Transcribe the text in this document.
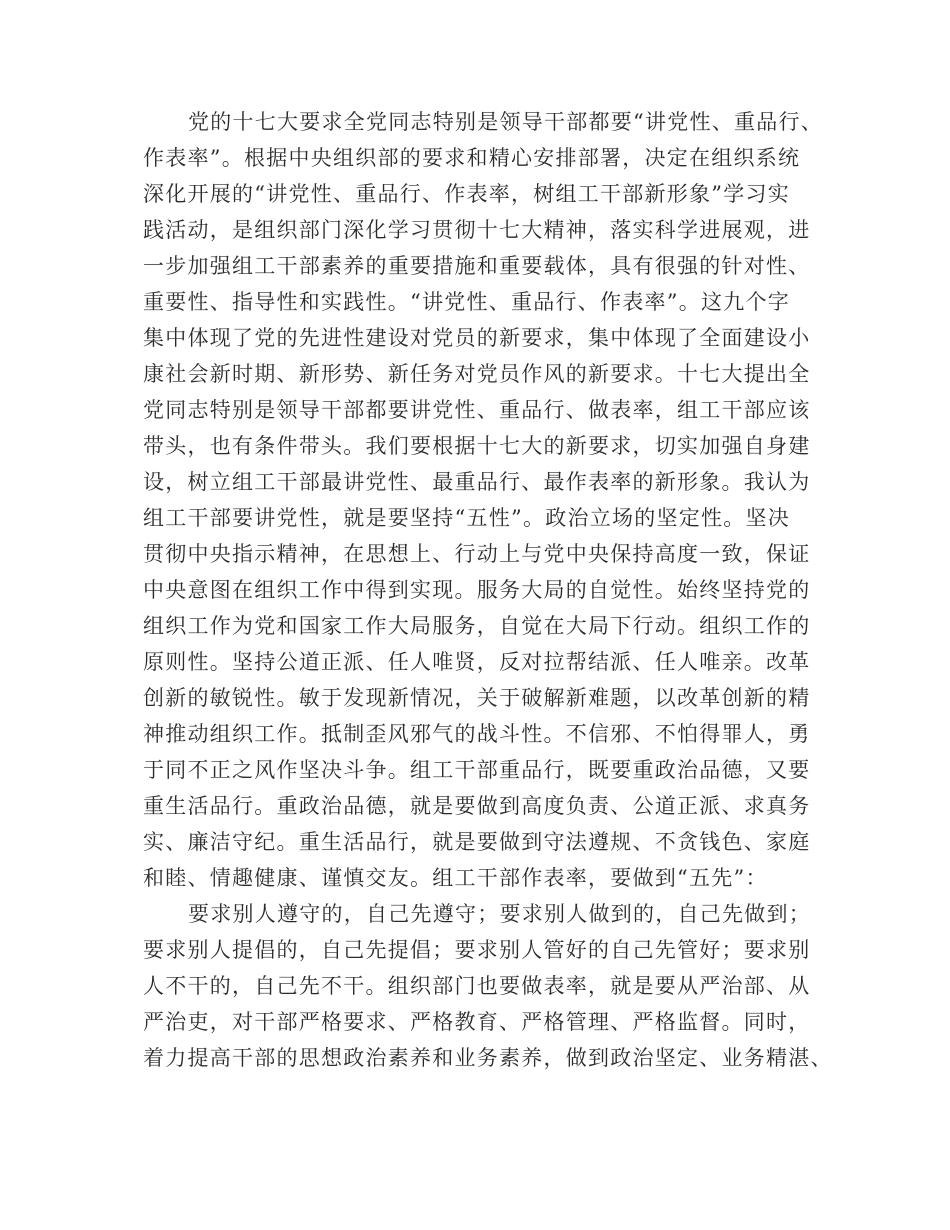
党的十七大要求全党同志特别是领导干部都要“讲党性、重品行、
作表率”。根据中央组织部的要求和精心安排部署，决定在组织系统
深化开展的“讲党性、重品行、作表率，树组工干部新形象”学习实
践活动，是组织部门深化学习贯彻十七大精神，落实科学进展观，进
一步加强组工干部素养的重要措施和重要载体，具有很强的针对性、
重要性、指导性和实践性。“讲党性、重品行、作表率”。这九个字
集中体现了党的先进性建设对党员的新要求，集中体现了全面建设小
康社会新时期、新形势、新任务对党员作风的新要求。十七大提出全
党同志特别是领导干部都要讲党性、重品行、做表率，组工干部应该
带头，也有条件带头。我们要根据十七大的新要求，切实加强自身建
设，树立组工干部最讲党性、最重品行、最作表率的新形象。我认为
组工干部要讲党性，就是要坚持“五性”。政治立场的坚定性。坚决
贯彻中央指示精神，在思想上、行动上与党中央保持高度一致，保证
中央意图在组织工作中得到实现。服务大局的自觉性。始终坚持党的
组织工作为党和国家工作大局服务，自觉在大局下行动。组织工作的
原则性。坚持公道正派、任人唯贤，反对拉帮结派、任人唯亲。改革
创新的敏锐性。敏于发现新情况，关于破解新难题，以改革创新的精
神推动组织工作。抵制歪风邪气的战斗性。不信邪、不怕得罪人，勇
于同不正之风作坚决斗争。组工干部重品行，既要重政治品德，又要
重生活品行。重政治品德，就是要做到高度负责、公道正派、求真务
实、廉洁守纪。重生活品行，就是要做到守法遵规、不贪钱色、家庭
和睦、情趣健康、谨慎交友。组工干部作表率，要做到“五先”：
要求别人遵守的，自己先遵守；要求别人做到的，自己先做到；
要求别人提倡的，自己先提倡；要求别人管好的自己先管好；要求别
人不干的，自己先不干。组织部门也要做表率，就是要从严治部、从
严治吏，对干部严格要求、严格教育、严格管理、严格监督。同时，
着力提高干部的思想政治素养和业务素养，做到政治坚定、业务精湛、
